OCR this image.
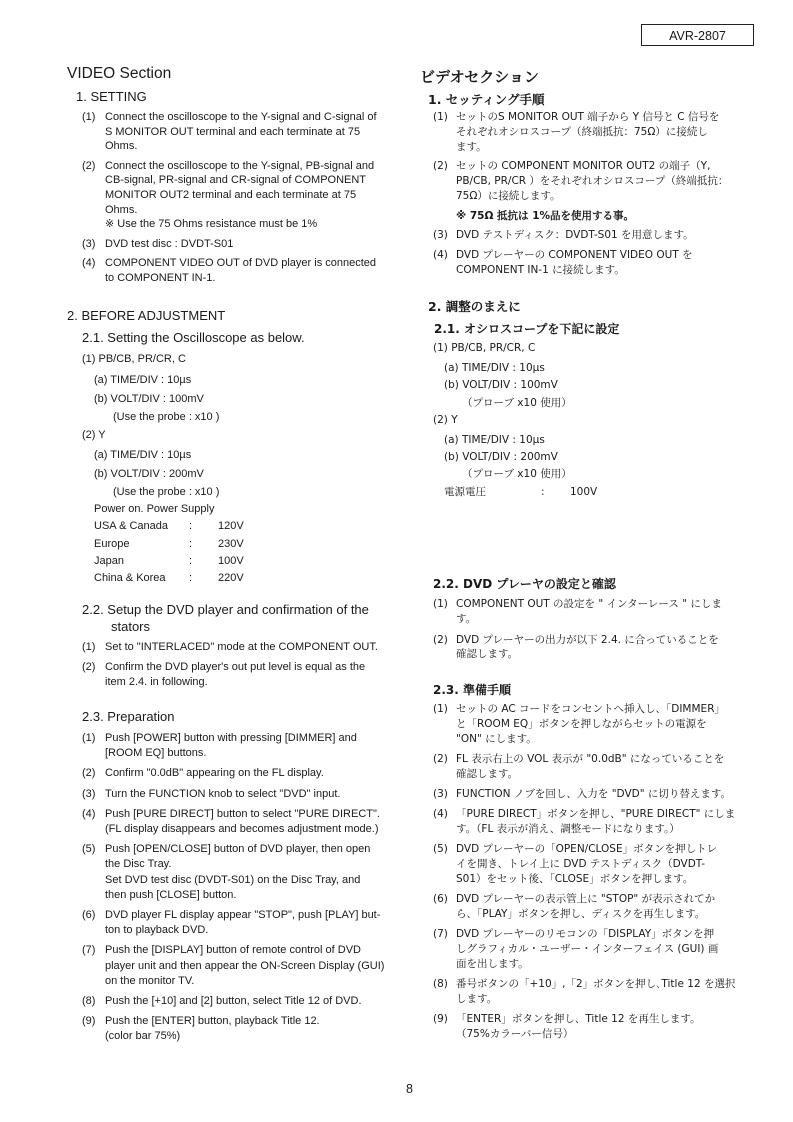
AVR-2807
VIDEO Section
1. SETTING
(1) Connect the oscilloscope to the Y-signal and C-signal of
S MONITOR OUT terminal and each terminate at 75
Ohms.
(2) Connect the oscilloscope to the Y-signal, PB-signal and
CB-signal, PR-signal and CR-signal of COMPONENT
MONITOR OUT2 terminal and each terminate at 75
Ohms.
※ Use the 75 Ohms resistance must be 1%
(3) DVD test disc : DVDT-S01
(4) COMPONENT VIDEO OUT of DVD player is connected
to COMPONENT IN-1.
2. BEFORE ADJUSTMENT
2.1. Setting the Oscilloscope as below.
(1) PB/CB, PR/CR, C
(a) TIME/DIV : 10µs
(b) VOLT/DIV : 100mV
(Use the probe : x10 )
(2) Y
(a) TIME/DIV : 10µs
(b) VOLT/DIV : 200mV
(Use the probe : x10 )
Power on. Power Supply
USA & Canada : 120V
Europe	: 230V
Japan	: 100V
China & Korea : 220V
2.2. Setup the DVD player and confirmation of the
stators
(1) Set to "INTERLACED" mode at the COMPONENT OUT.
(2) Confirm the DVD player's out put level is equal as the
item 2.4. in following.
2.3. Preparation
(1) Push [POWER] button with pressing [DIMMER] and
[ROOM EQ] buttons.
(2) Confirm "0.0dB" appearing on the FL display.
(3) Turn the FUNCTION knob to select "DVD" input.
(4) Push [PURE DIRECT] button to select "PURE DIRECT".
(FL display disappears and becomes adjustment mode.)
(5) Push [OPEN/CLOSE] button of DVD player, then open
the Disc Tray.
Set DVD test disc (DVDT-S01) on the Disc Tray, and
then push [CLOSE] button.
(6) DVD player FL display appear "STOP", push [PLAY] but-
ton to playback DVD.
(7) Push the [DISPLAY] button of remote control of DVD
player unit and then appear the ON-Screen Display (GUI)
on the monitor TV.
(8) Push the [+10] and [2] button, select Title 12 of DVD.
(9) Push the [ENTER] button, playback Title 12.
(color bar 75%)
ビデオセクション
1. セッティング手順
(1) セットのS MONITOR OUT 端子から Y 信号と C 信号を
それぞれオシロスコープ（終端抵抗：75Ω）に接続し
ます。
(2) セットの COMPONENT MONITOR OUT2 の端子（Y,
PB/CB, PR/CR ）をそれぞれオシロスコープ（終端抵抗：
75Ω）に接続します。
※ 75Ω 抵抗は 1%品を使用する事。
(3) DVD テストディスク：DVDT-S01 を用意します。
(4) DVD プレーヤーの COMPONENT VIDEO OUT を
COMPONENT IN-1 に接続します。
2. 調整のまえに
2.1. オシロスコープを下記に設定
(1) PB/CB, PR/CR, C
(a) TIME/DIV : 10µs
(b) VOLT/DIV : 100mV
（プローブ x10 使用）
(2) Y
(a) TIME/DIV : 10µs
(b) VOLT/DIV : 200mV
（プローブ x10 使用）
電源電圧	: 100V
2.2. DVD プレーヤの設定と確認
(1) COMPONENT OUT の設定を " インターレース " にしま
す。
(2) DVD プレーヤーの出力が以下 2.4. に合っていることを
確認します。
2.3. 準備手順
(1) セットの AC コードをコンセントへ挿入し、「DIMMER」
と「ROOM EQ」ボタンを押しながらセットの電源を
"ON" にします。
(2) FL 表示右上の VOL 表示が "0.0dB" になっていることを
確認します。
(3) FUNCTION ノブを回し、入力を "DVD" に切り替えます。
(4) 「PURE DIRECT」ボタンを押し、"PURE DIRECT" にしま
す。（FL 表示が消え、調整モードになります。）
(5) DVD プレーヤーの「OPEN/CLOSE」ボタンを押しトレ
イを開き、トレイ上に DVD テストディスク（DVDT-
S01）をセット後、「CLOSE」ボタンを押します。
(6) DVD プレーヤーの表示管上に "STOP" が表示されてか
ら、「PLAY」ボタンを押し、ディスクを再生します。
(7) DVD プレーヤーのリモコンの「DISPLAY」ボタンを押
しグラフィカル・ユーザー・インターフェイス (GUI) 画
面を出します。
(8) 番号ボタンの「+10」,「2」ボタンを押し､Title 12 を選択
します。
(9) 「ENTER」ボタンを押し、Title 12 を再生します。
（75%カラーバー信号）
8
